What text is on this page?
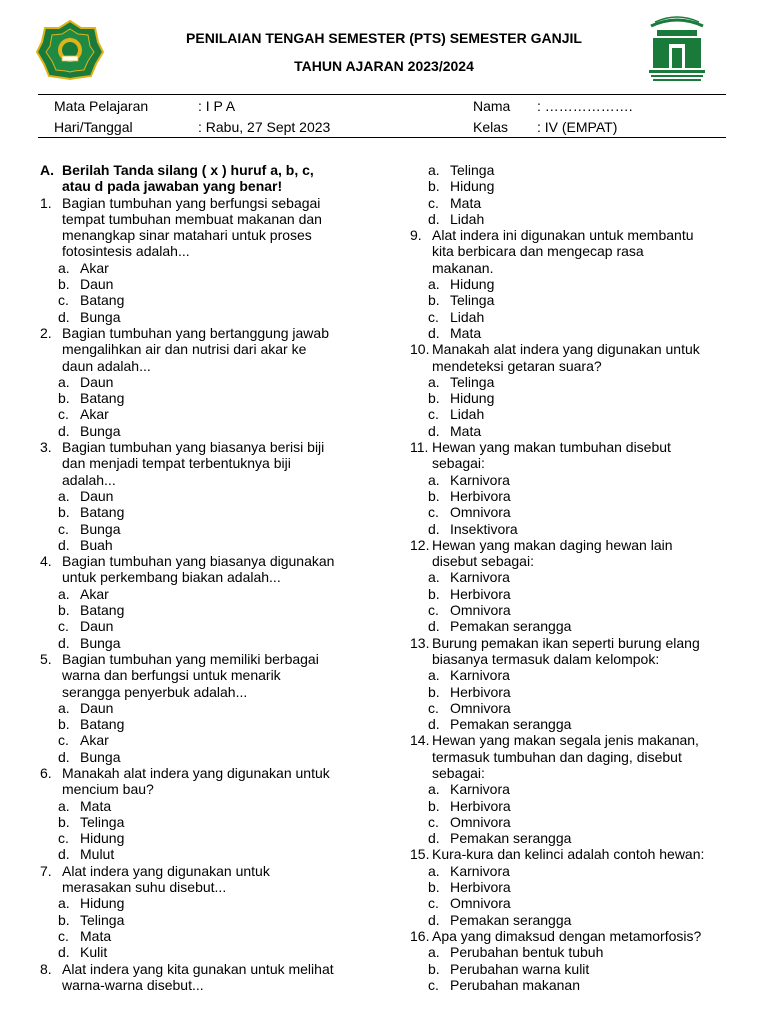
PENILAIAN TENGAH SEMESTER (PTS) SEMESTER GANJIL
TAHUN AJARAN 2023/2024
Mata Pelajaran	: I P A
Hari/Tanggal	: Rabu, 27 Sept 2023
Nama : ……………….
Kelas : IV (EMPAT)
A. Berilah Tanda silang ( x ) huruf a, b, c,
atau d pada jawaban yang benar!
1. Bagian tumbuhan yang berfungsi sebagai
tempat tumbuhan membuat makanan dan
menangkap sinar matahari untuk proses
fotosintesis adalah...
a. Akar
b. Daun
c. Batang
d. Bunga
2. Bagian tumbuhan yang bertanggung jawab
mengalihkan air dan nutrisi dari akar ke
daun adalah...
a. Daun
b. Batang
c. Akar
d. Bunga
3. Bagian tumbuhan yang biasanya berisi biji
dan menjadi tempat terbentuknya biji
adalah...
a. Daun
b. Batang
c. Bunga
d. Buah
4. Bagian tumbuhan yang biasanya digunakan
untuk perkembang biakan adalah...
a. Akar
b. Batang
c. Daun
d. Bunga
5. Bagian tumbuhan yang memiliki berbagai
warna dan berfungsi untuk menarik
serangga penyerbuk adalah...
a. Daun
b. Batang
c. Akar
d. Bunga
6. Manakah alat indera yang digunakan untuk
mencium bau?
a. Mata
b. Telinga
c. Hidung
d. Mulut
7. Alat indera yang digunakan untuk
merasakan suhu disebut...
a. Hidung
b. Telinga
c. Mata
d. Kulit
8. Alat indera yang kita gunakan untuk melihat
warna-warna disebut...
a. Telinga
b. Hidung
c. Mata
d. Lidah
9. Alat indera ini digunakan untuk membantu
kita berbicara dan mengecap rasa
makanan.
a. Hidung
b. Telinga
c. Lidah
d. Mata
10. Manakah alat indera yang digunakan untuk
mendeteksi getaran suara?
a. Telinga
b. Hidung
c. Lidah
d. Mata
11. Hewan yang makan tumbuhan disebut
sebagai:
a. Karnivora
b. Herbivora
c. Omnivora
d. Insektivora
12. Hewan yang makan daging hewan lain
disebut sebagai:
a. Karnivora
b. Herbivora
c. Omnivora
d. Pemakan serangga
13. Burung pemakan ikan seperti burung elang
biasanya termasuk dalam kelompok:
a. Karnivora
b. Herbivora
c. Omnivora
d. Pemakan serangga
14. Hewan yang makan segala jenis makanan,
termasuk tumbuhan dan daging, disebut
sebagai:
a. Karnivora
b. Herbivora
c. Omnivora
d. Pemakan serangga
15. Kura-kura dan kelinci adalah contoh hewan:
a. Karnivora
b. Herbivora
c. Omnivora
d. Pemakan serangga
16. Apa yang dimaksud dengan metamorfosis?
a. Perubahan bentuk tubuh
b. Perubahan warna kulit
c. Perubahan makanan
